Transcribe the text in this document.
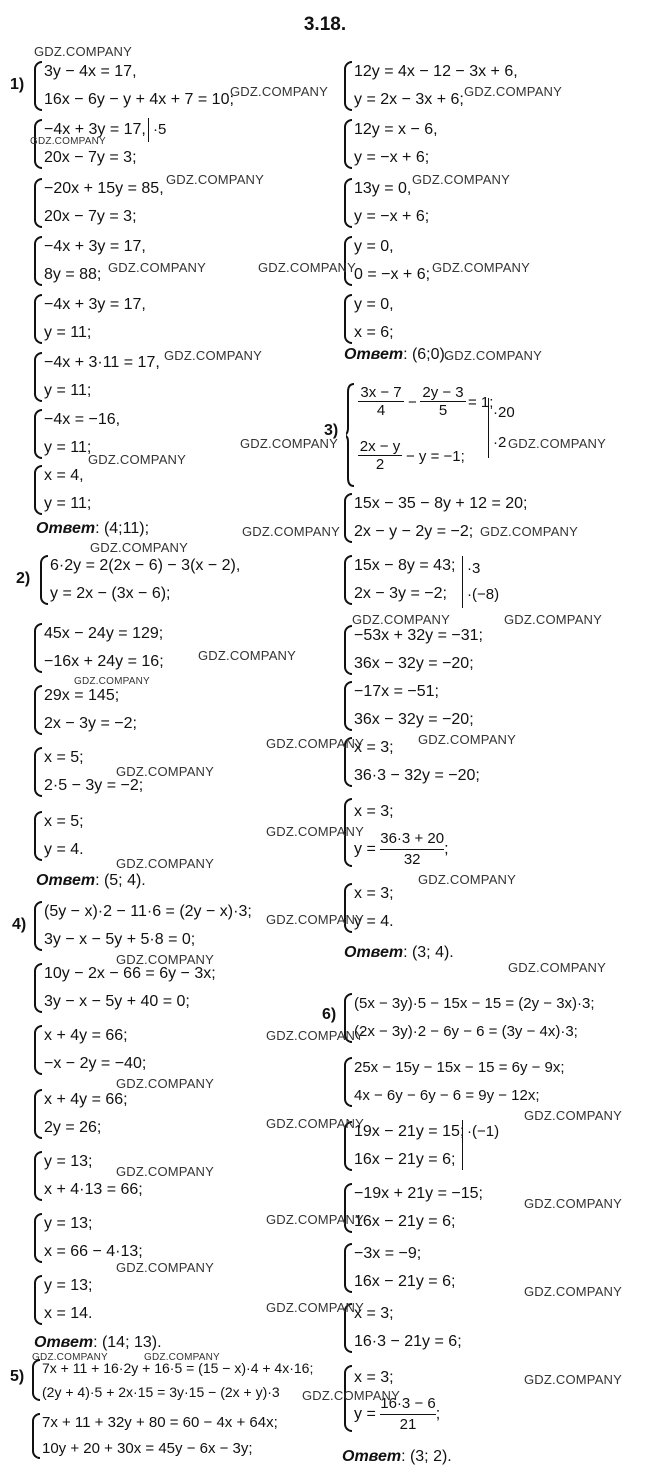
3.18.
1)
3y − 4x = 17,
16x − 6y − y + 4x + 7 = 10;
−4x + 3y = 17,
20x − 7y = 3;
·5
−20x + 15y = 85,
20x − 7y = 3;
−4x + 3y = 17,
8y = 88;
−4x + 3y = 17,
y = 11;
−4x + 3·11 = 17,
y = 11;
−4x = −16,
y = 11;
x = 4,
y = 11;
Ответ: (4;11);
2)
6·2y = 2(2x − 6) − 3(x − 2),
y = 2x − (3x − 6);
12y = 4x − 12 − 3x + 6,
y = 2x − 3x + 6;
12y = x − 6,
y = −x + 6;
13y = 0,
y = −x + 6;
y = 0,
0 = −x + 6;
y = 0,
x = 6;
Ответ: (6;0).
3)
$\frac{3x - 7}{4} - \frac{2y - 3}{5} = 1$;
$\frac{2x - y}{2} - y = -1$;
·20
·2
15x − 35 − 8y + 12 = 20;
2x − y − 2y = −2;
15x − 8y = 43;
2x − 3y = −2;
·3
·(−8)
−53x + 32y = −31;
36x − 32y = −20;
−17x = −51;
36x − 32y = −20;
x = 3;
36·3 − 32y = −20;
x = 3;
$y = \frac{36\cdot 3 + 20}{32}$ ;
x = 3;
y = 4.
Ответ: (3; 4).
45x − 24y = 129;
−16x + 24y = 16;
29x = 145;
2x − 3y = −2;
x = 5;
2·5 − 3y = −2;
x = 5;
y = 4.
Ответ: (5; 4).
4)
(5y − x)·2 − 11·6 = (2y − x)·3;
3y − x − 5y + 5·8 = 0;
10y − 2x − 66 = 6y − 3x;
3y − x − 5y + 40 = 0;
x + 4y = 66;
−x − 2y = −40;
x + 4y = 66;
2y = 26;
y = 13;
x + 4·13 = 66;
y = 13;
x = 66 − 4·13;
y = 13;
x = 14.
Ответ: (14; 13).
5) 7x + 11 + 16·2y + 16·5 = (15 − x)·4 + 4x·16;
(2y + 4)·5 + 2x·15 = 3y·15 − (2x + y)·3
7x + 11 + 32y + 80 = 60 − 4x + 64x;
10y + 20 + 30x = 45y − 6x − 3y;
6)
(5x − 3y)·5 − 15x − 15 = (2y − 3x)·3;
(2x − 3y)·2 − 6y − 6 = (3y − 4x)·3;
25x − 15y − 15x − 15 = 6y − 9x;
4x − 6y − 6y − 6 = 9y − 12x;
19x − 21y = 15;
16x − 21y = 6;
·(−1)
−19x + 21y = −15;
16x − 21y = 6;
−3x = −9;
16x − 21y = 6;
x = 3;
16·3 − 21y = 6;
x = 3;
$y = \frac{16\cdot 3 - 6}{21}$ ;
Ответ: (3; 2).
GDZ.COMPANY
GDZ.COMPANY
GDZ.COMPANY
GDZ.COMPANY
GDZ.COMPANY	GDZ.COMPANY
GDZ.COMPANY
GDZ.COMPANY
GDZ.COMPANY
GDZ.COMPANY
GDZ.COMPANY
GDZ.COMPANY
GDZ.COMPANY
GDZ.COMPANY
GDZ.COMPANY
GDZ.COMPANY
GDZ.COMPANY
GDZ.COMPANY
GDZ.COMPANY
GDZ.COMPANY
GDZ.COMPANY
GDZ.COMPANY
GDZ.COMPANY
GDZ.COMPANY
GDZ.COMPANY
GDZ.COMPANY
GDZ.COMPANY	GDZ.COMPANY
GDZ.COMPANY
GDZ.COMPANY
GDZ.COMPANY
GDZ.COMPANY
GDZ.COMPANY
GDZ.COMPANY
GDZ.COMPANY
GDZ.COMPANY	GDZ.COMPANY
GDZ.COMPANY
GDZ.COMPANY
GDZ.COMPANY
GDZ.COMPANY
GDZ.COMPANY
GDZ.COMPANY
GDZ.COMPANY
